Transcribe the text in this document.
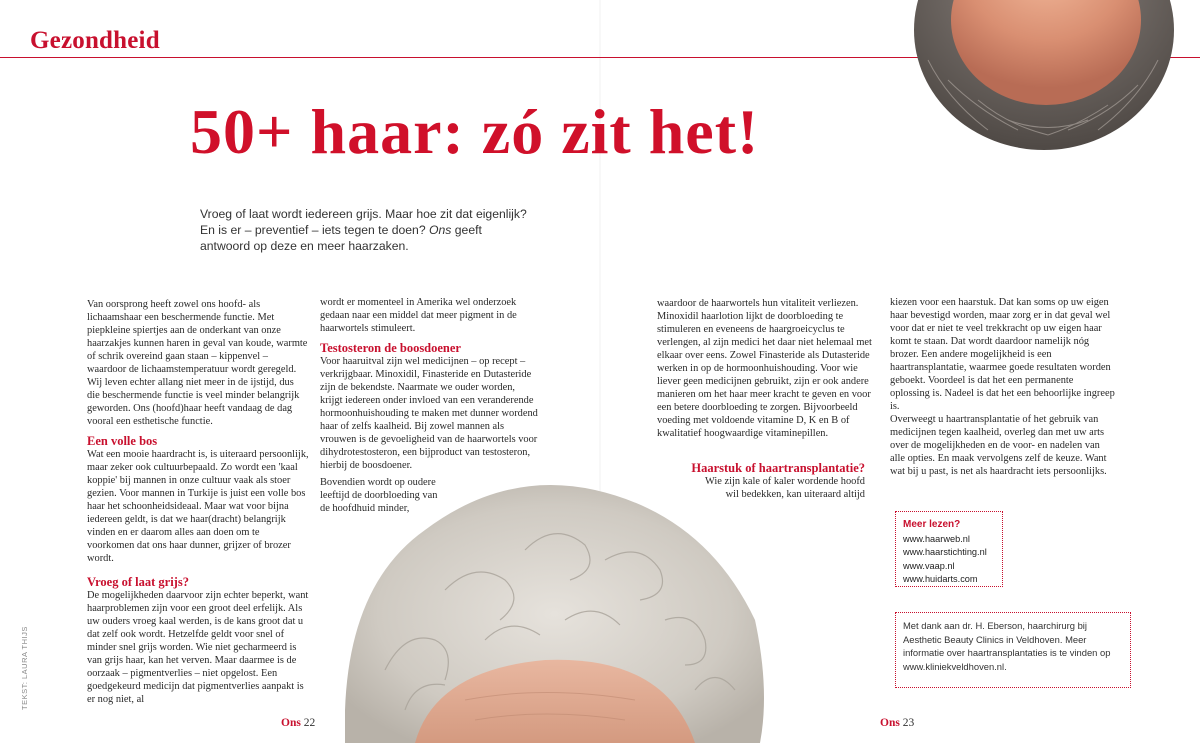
Gezondheid
50+ haar: zó zit het!

Vroeg of laat wordt iedereen grijs. Maar hoe zit dat eigenlijk?

En is er – preventief – iets tegen te doen? Ons geeft

antwoord op deze en meer haarzaken.

Van oorsprong heeft zowel ons hoofd- als lichaamshaar een beschermende functie. Met piepkleine spiertjes aan de onderkant van onze haarzakjes kunnen haren in geval van koude, warmte of schrik overeind gaan staan – kippenvel – waardoor de lichaamstemperatuur wordt geregeld. Wij leven echter allang niet meer in de ijstijd, dus die beschermende functie is veel minder belangrijk geworden. Ons (hoofd)haar heeft vandaag de dag vooral een esthetische functie.

Een volle bos

Wat een mooie haardracht is, is uiteraard persoonlijk, maar zeker ook cultuurbepaald. Zo wordt een 'kaal koppie' bij mannen in onze cultuur vaak als stoer gezien. Voor mannen in Turkije is juist een volle bos haar het schoonheidsideaal. Maar wat voor bijna iedereen geldt, is dat we haar(dracht) belangrijk vinden en er daarom alles aan doen om te voorkomen dat ons haar dunner, grijzer of brozer wordt.

Vroeg of laat grijs?

De mogelijkheden daarvoor zijn echter beperkt, want haarproblemen zijn voor een groot deel erfelijk. Als uw ouders vroeg kaal werden, is de kans groot dat u dat zelf ook wordt. Hetzelfde geldt voor snel of minder snel grijs worden. Wie niet gecharmeerd is van grijs haar, kan het verven. Maar daarmee is de oorzaak – pigmentverlies – niet opgelost. Een goedgekeurd medicijn dat pigmentverlies aanpakt is er nog niet, al

wordt er momenteel in Amerika wel onderzoek gedaan naar een middel dat meer pigment in de haarwortels stimuleert.

Testosteron de boosdoener

Voor haaruitval zijn wel medicijnen – op recept – verkrijgbaar. Minoxidil, Finasteride en Dutasteride zijn de bekendste. Naarmate we ouder worden, krijgt iedereen onder invloed van een veranderende hormoonhuishouding te maken met dunner wordend haar of zelfs kaalheid. Bij zowel mannen als vrouwen is de gevoeligheid van de haarwortels voor dihydrotestosteron, een bijproduct van testosteron, hierbij de boosdoener.

Bovendien wordt op oudere leeftijd de doorbloeding van de hoofdhuid minder,

waardoor de haarwortels hun vitaliteit verliezen. Minoxidil haarlotion lijkt de doorbloeding te stimuleren en eveneens de haargroeicyclus te verlengen, al zijn medici het daar niet helemaal met elkaar over eens. Zowel Finasteride als Dutasteride werken in op de hormoonhuishouding. Voor wie liever geen medicijnen gebruikt, zijn er ook andere manieren om het haar meer kracht te geven en voor een betere doorbloeding te zorgen. Bijvoorbeeld voeding met voldoende vitamine D, K en B of kwalitatief hoogwaardige vitaminepillen.

Haarstuk of haartransplantatie?

Wie zijn kale of kaler wordende hoofd wil bedekken, kan uiteraard altijd

kiezen voor een haarstuk. Dat kan soms op uw eigen haar bevestigd worden, maar zorg er in dat geval wel voor dat er niet te veel trekkracht op uw eigen haar komt te staan. Dat wordt daardoor namelijk nóg brozer. Een andere mogelijkheid is een haartransplantatie, waarmee goede resultaten worden geboekt. Voordeel is dat het een permanente oplossing is. Nadeel is dat het een behoorlijke ingreep is.

Overweegt u haartransplantatie of het gebruik van medicijnen tegen kaalheid, overleg dan met uw arts over de mogelijkheden en de voor- en nadelen van alle opties. En maak vervolgens zelf de keuze. Want wat bij u past, is net als haardracht iets persoonlijks.

Meer lezen?
www.haarweb.nl
www.haarstichting.nl
www.vaap.nl
www.huidarts.com
Met dank aan dr. H. Eberson, haarchirurg bij Aesthetic Beauty Clinics in Veldhoven. Meer informatie over haartransplantaties is te vinden op www.kliniekveldhoven.nl.
TEKST: LAURA THIJS
Ons 22	Ons 23
